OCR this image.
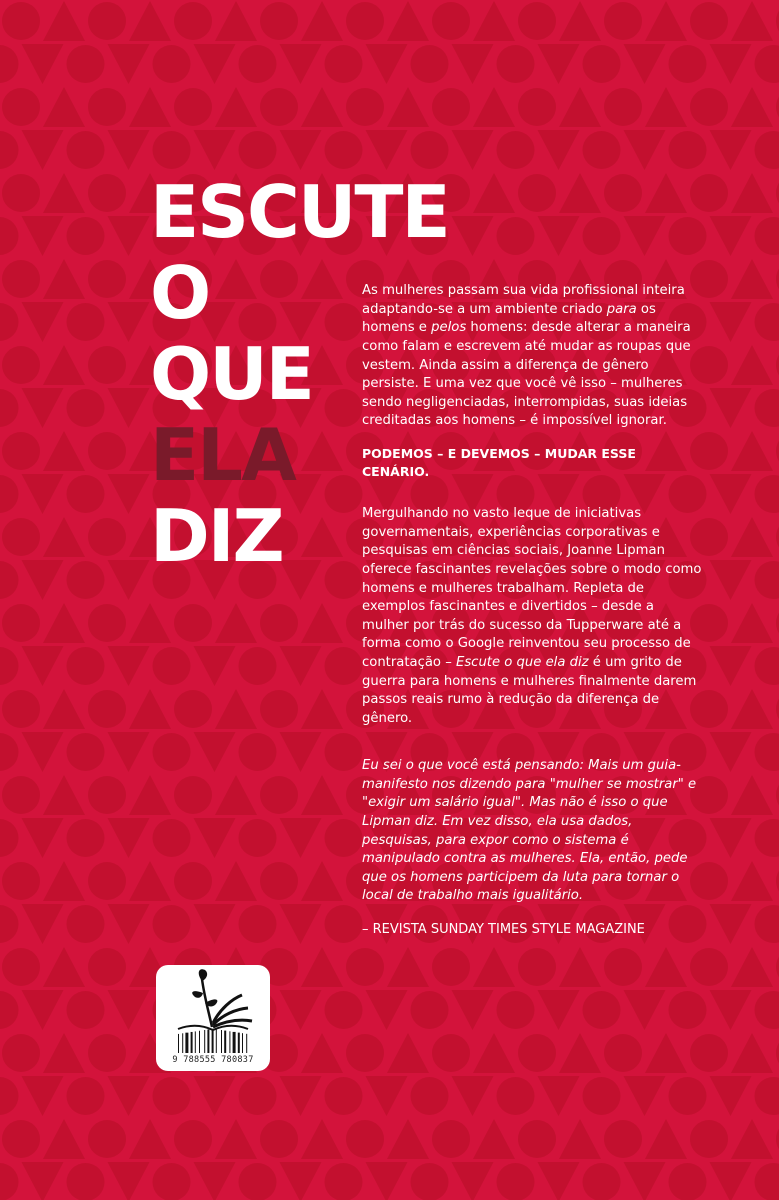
ESCUTE
O
QUE
ELA
DIZ

As mulheres passam sua vida profissional inteira adaptando-se a um ambiente criado para os homens e pelos homens: desde alterar a maneira como falam e escrevem até mudar as roupas que vestem. Ainda assim a diferença de gênero persiste. E uma vez que você vê isso – mulheres sendo negligenciadas, interrompidas, suas ideias creditadas aos homens – é impossível ignorar.

PODEMOS – E DEVEMOS – MUDAR ESSE CENÁRIO.

Mergulhando no vasto leque de iniciativas governamentais, experiências corporativas e pesquisas em ciências sociais, Joanne Lipman oferece fascinantes revelações sobre o modo como homens e mulheres trabalham. Repleta de exemplos fascinantes e divertidos – desde a mulher por trás do sucesso da Tupperware até a forma como o Google reinventou seu processo de contratação – Escute o que ela diz é um grito de guerra para homens e mulheres finalmente darem passos reais rumo à redução da diferença de gênero.

Eu sei o que você está pensando: Mais um guia-manifesto nos dizendo para "mulher se mostrar" e "exigir um salário igual". Mas não é isso o que Lipman diz. Em vez disso, ela usa dados, pesquisas, para expor como o sistema é manipulado contra as mulheres. Ela, então, pede que os homens participem da luta para tornar o local de trabalho mais igualitário.

– REVISTA SUNDAY TIMES STYLE MAGAZINE

9 788555 780837
